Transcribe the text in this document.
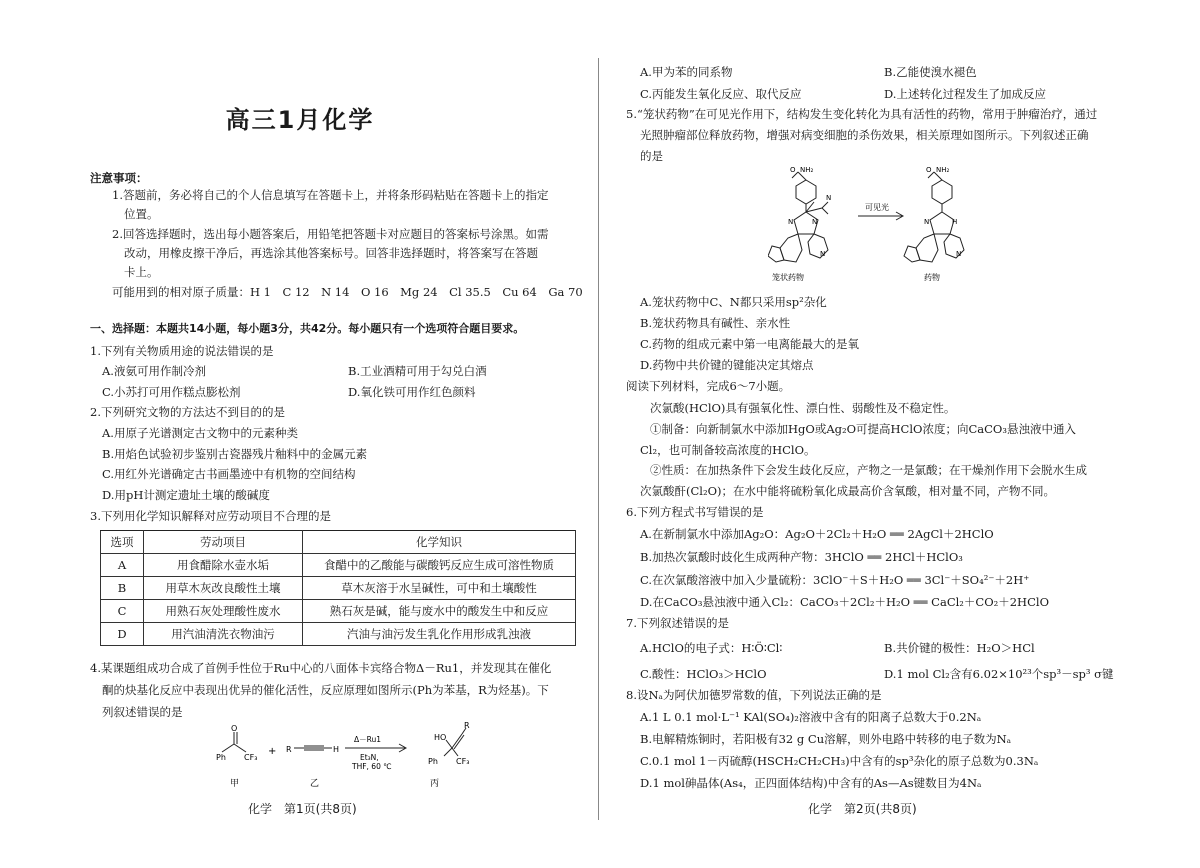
高三1月化学
注意事项：
1.答题前，务必将自己的个人信息填写在答题卡上，并将条形码粘贴在答题卡上的指定
位置。
2.回答选择题时，选出每小题答案后，用铅笔把答题卡对应题目的答案标号涂黑。如需
改动，用橡皮擦干净后，再选涂其他答案标号。回答非选择题时，将答案写在答题
卡上。
可能用到的相对原子质量：H 1　C 12　N 14　O 16　Mg 24　Cl 35.5　Cu 64　Ga 70
一、选择题：本题共14小题，每小题3分，共42分。每小题只有一个选项符合题目要求。
1.下列有关物质用途的说法错误的是
A.液氨可用作制冷剂	B.工业酒精可用于勾兑白酒
C.小苏打可用作糕点膨松剂	D.氧化铁可用作红色颜料
2.下列研究文物的方法达不到目的的是
A.用原子光谱测定古文物中的元素种类
B.用焰色试验初步鉴别古瓷器残片釉料中的金属元素
C.用红外光谱确定古书画墨迹中有机物的空间结构
D.用pH计测定遗址土壤的酸碱度
3.下列用化学知识解释对应劳动项目不合理的是
选项	劳动项目	化学知识
A	用食醋除水壶水垢	食醋中的乙酸能与碳酸钙反应生成可溶性物质
B	用草木灰改良酸性土壤	草木灰溶于水呈碱性，可中和土壤酸性
C	用熟石灰处理酸性废水	熟石灰是碱，能与废水中的酸发生中和反应
D	用汽油清洗衣物油污	汽油与油污发生乳化作用形成乳浊液
4.某课题组成功合成了首例手性位于Ru中心的八面体卡宾络合物Δ－Ru1，并发现其在催化
酮的炔基化反应中表现出优异的催化活性，反应原理如图所示(Ph为苯基，R为烃基)。下
列叙述错误的是
Ph
O
CF₃
+ R	H
Δ－Ru1
Et₃N,
THF, 60 ℃
Ph
HO
CF₃
R
甲	乙	丙
化学　第1页(共8页)
A.甲为苯的同系物	B.乙能使溴水褪色
C.丙能发生氧化反应、取代反应	D.上述转化过程发生了加成反应
5.“笼状药物”在可见光作用下，结构发生变化转化为具有活性的药物，常用于肿瘤治疗，通过
光照肿瘤部位释放药物，增强对病变细胞的杀伤效果，相关原理如图所示。下列叙述正确
的是
O NH₂
N
N	N
N
笼状药物
可见光
O NH₂
N	H
N
药物
A.笼状药物中C、N都只采用sp²杂化
B.笼状药物具有碱性、亲水性
C.药物的组成元素中第一电离能最大的是氧
D.药物中共价键的键能决定其熔点
阅读下列材料，完成6～7小题。
次氯酸(HClO)具有强氧化性、漂白性、弱酸性及不稳定性。
①制备：向新制氯水中添加HgO或Ag₂O可提高HClO浓度；向CaCO₃悬浊液中通入
Cl₂，也可制备较高浓度的HClO。
②性质：在加热条件下会发生歧化反应，产物之一是氯酸；在干燥剂作用下会脱水生成
次氯酸酐(Cl₂O)；在水中能将硫粉氧化成最高价含氧酸，相对量不同，产物不同。
6.下列方程式书写错误的是
A.在新制氯水中添加Ag₂O：Ag₂O＋2Cl₂＋H₂O ══ 2AgCl＋2HClO
B.加热次氯酸时歧化生成两种产物：3HClO ══ 2HCl＋HClO₃
C.在次氯酸溶液中加入少量硫粉：3ClO⁻＋S＋H₂O ══ 3Cl⁻＋SO₄²⁻＋2H⁺
D.在CaCO₃悬浊液中通入Cl₂：CaCO₃＋2Cl₂＋H₂O ══ CaCl₂＋CO₂＋2HClO
7.下列叙述错误的是
A.HClO的电子式：H∶Ö∶Cl∶	B.共价键的极性：H₂O＞HCl
C.酸性：HClO₃＞HClO	D.1 mol Cl₂含有6.02×10²³个sp³－sp³ σ键
8.设Nₐ为阿伏加德罗常数的值，下列说法正确的是
A.1 L 0.1 mol·L⁻¹ KAl(SO₄)₂溶液中含有的阳离子总数大于0.2Nₐ
B.电解精炼铜时，若阳极有32 g Cu溶解，则外电路中转移的电子数为Nₐ
C.0.1 mol 1－丙硫醇(HSCH₂CH₂CH₃)中含有的sp³杂化的原子总数为0.3Nₐ
D.1 mol砷晶体(As₄，正四面体结构)中含有的As—As键数目为4Nₐ
化学　第2页(共8页)
